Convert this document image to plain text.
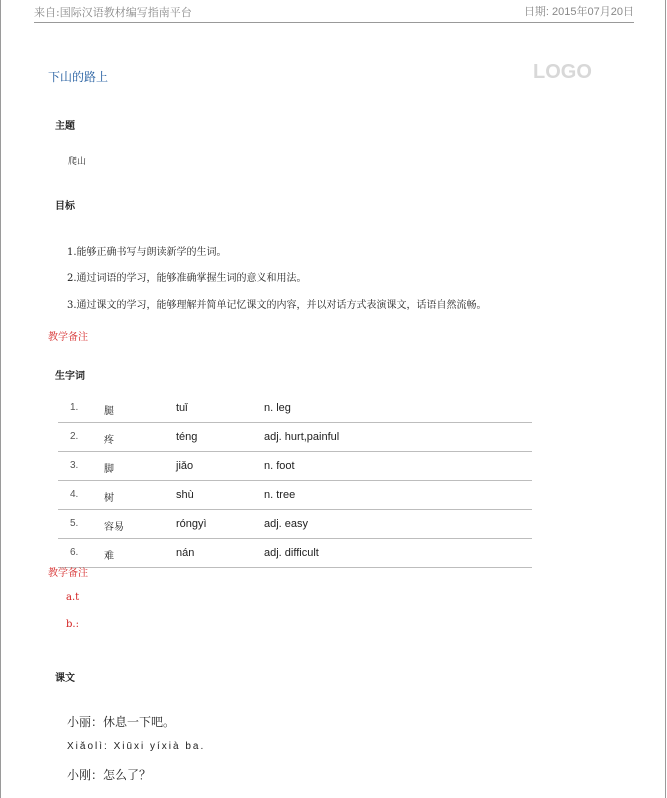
来自:国际汉语教材编写指南平台	日期: 2015年07月20日
下山的路上	LOGO
主题
爬山
目标
1.能够正确书写与朗读新学的生词。
2.通过词语的学习，能够准确掌握生词的意义和用法。
3.通过课文的学习，能够理解并简单记忆课文的内容，并以对话方式表演课文，话语自然流畅。
教学备注
生字词
1.	腿	tuǐ	n. leg
2.	疼	téng	adj. hurt,painful
3.	脚	jiǎo	n. foot
4.	树	shù	n. tree
5.	容易	róngyì	adj. easy
6.	难	nán	adj. difficult
教学备注
a.t
b.:
课文
小丽：休息一下吧。
Xiǎolì: Xiūxi yíxià ba.
小刚：怎么了？
